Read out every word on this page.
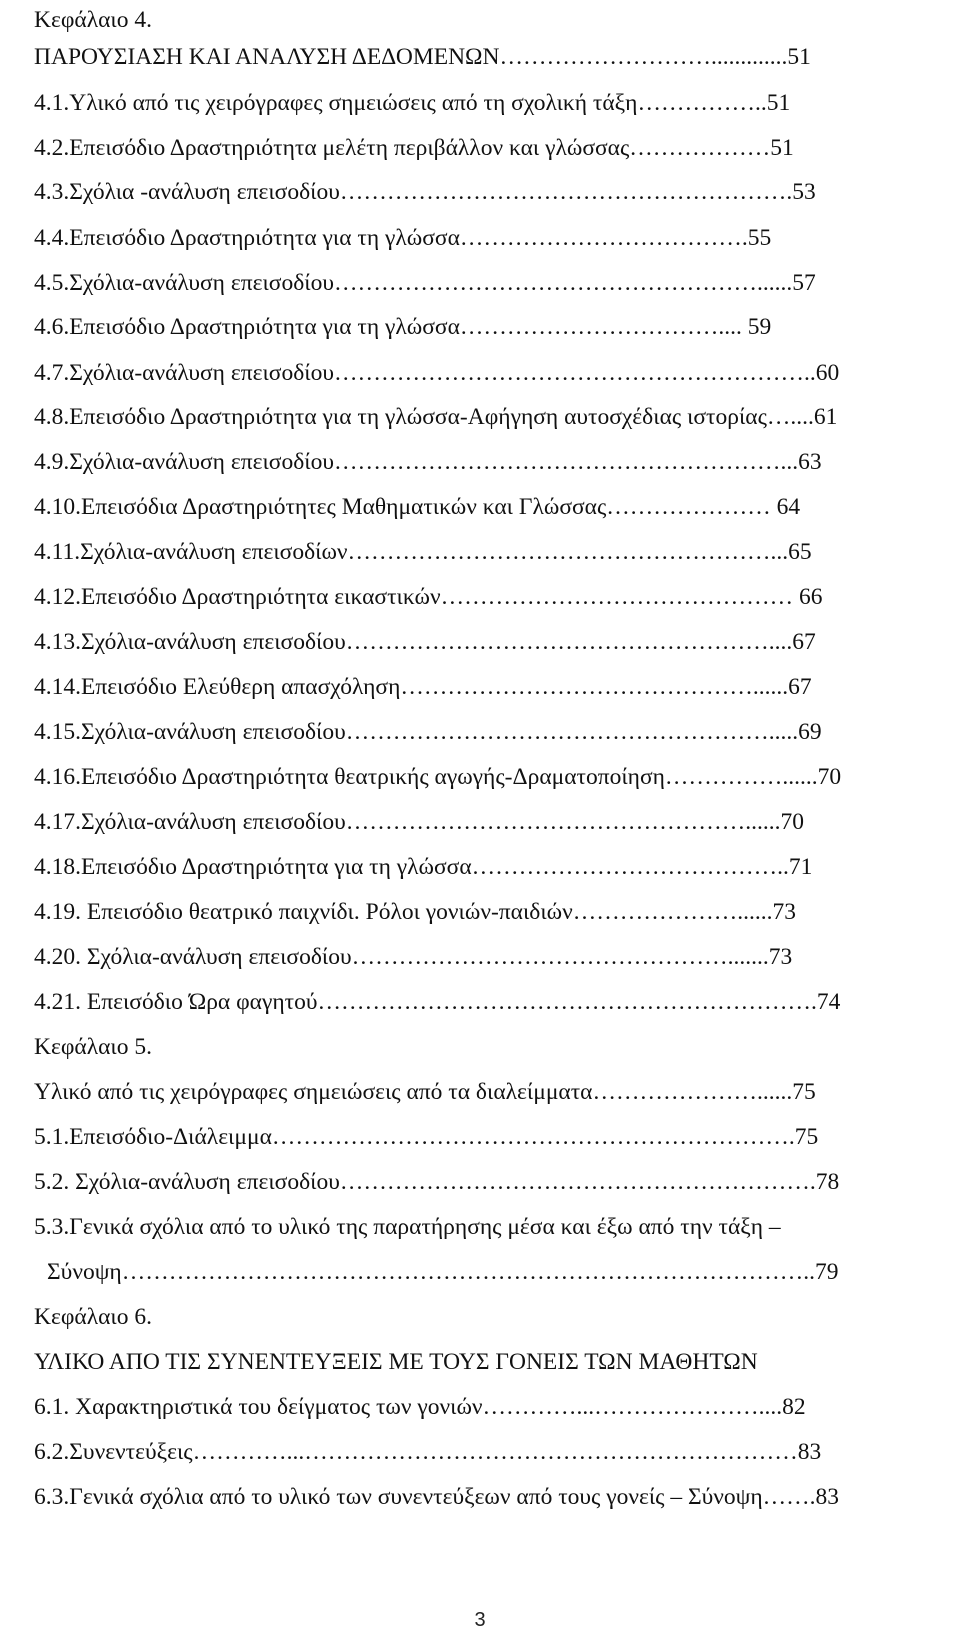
Κεφάλαιο 4.
ΠΑΡΟΥΣΙΑΣΗ ΚΑΙ ΑΝΑΛΥΣΗ ΔΕΔΟΜΕΝΩΝ……………………….............51
4.1.Υλικό από τις χειρόγραφες σημειώσεις από τη σχολική τάξη……………..51
4.2.Επεισόδιο Δραστηριότητα μελέτη περιβάλλον και γλώσσας………………51
4.3.Σχόλια -ανάλυση επεισοδίου………………………………………………….53
4.4.Επεισόδιο Δραστηριότητα για τη γλώσσα……………………………….55
4.5.Σχόλια-ανάλυση επεισοδίου………………………………………………......57
4.6.Επεισόδιο Δραστηριότητα για τη γλώσσα…………………………….... 59
4.7.Σχόλια-ανάλυση επεισοδίου……………………………………………………..60
4.8.Επεισόδιο Δραστηριότητα για τη γλώσσα-Αφήγηση αυτοσχέδιας ιστορίας…....61
4.9.Σχόλια-ανάλυση επεισοδίου…………………………………………………...63
4.10.Επεισόδια Δραστηριότητες Μαθηματικών και Γλώσσας………………… 64
4.11.Σχόλια-ανάλυση επεισοδίων………………………………………………...65
4.12.Επεισόδιο Δραστηριότητα εικαστικών……………………………………… 66
4.13.Σχόλια-ανάλυση επεισοδίου………………………………………………....67
4.14.Επεισόδιο Ελεύθερη απασχόληση………………………………………......67
4.15.Σχόλια-ανάλυση επεισοδίου……………………………………………….....69
4.16.Επεισόδιο Δραστηριότητα θεατρικής αγωγής-Δραματοποίηση……………......70
4.17.Σχόλια-ανάλυση επεισοδίου……………………………………………......70
4.18.Επεισόδιο Δραστηριότητα για τη γλώσσα…………………………………..71
4.19. Επεισόδιο θεατρικό παιχνίδι. Ρόλοι γονιών-παιδιών…………………......73
4.20. Σχόλια-ανάλυση επεισοδίου………………………………………….......73
4.21. Επεισόδιο Ώρα φαγητού……………………………………………………….74
Κεφάλαιο 5.
Υλικό από τις χειρόγραφες σημειώσεις από τα διαλείμματα…………………......75
5.1.Επεισόδιο-Διάλειμμα………………………………………………………….75
5.2. Σχόλια-ανάλυση επεισοδίου…………………………………………………….78
5.3.Γενικά σχόλια από το υλικό της παρατήρησης μέσα και έξω από την τάξη –
Σύνοψη……………………………………………………………………………..79
Κεφάλαιο 6.
ΥΛΙΚΟ ΑΠΟ ΤΙΣ ΣΥΝΕΝΤΕΥΞΕΙΣ ΜΕ ΤΟΥΣ ΓΟΝΕΙΣ ΤΩΝ ΜΑΘΗΤΩΝ
6.1. Χαρακτηριστικά του δείγματος των γονιών…………...…………………....82
6.2.Συνεντεύξεις…………...………………………………………………………83
6.3.Γενικά σχόλια από το υλικό των συνεντεύξεων από τους γονείς – Σύνοψη…….83
3
